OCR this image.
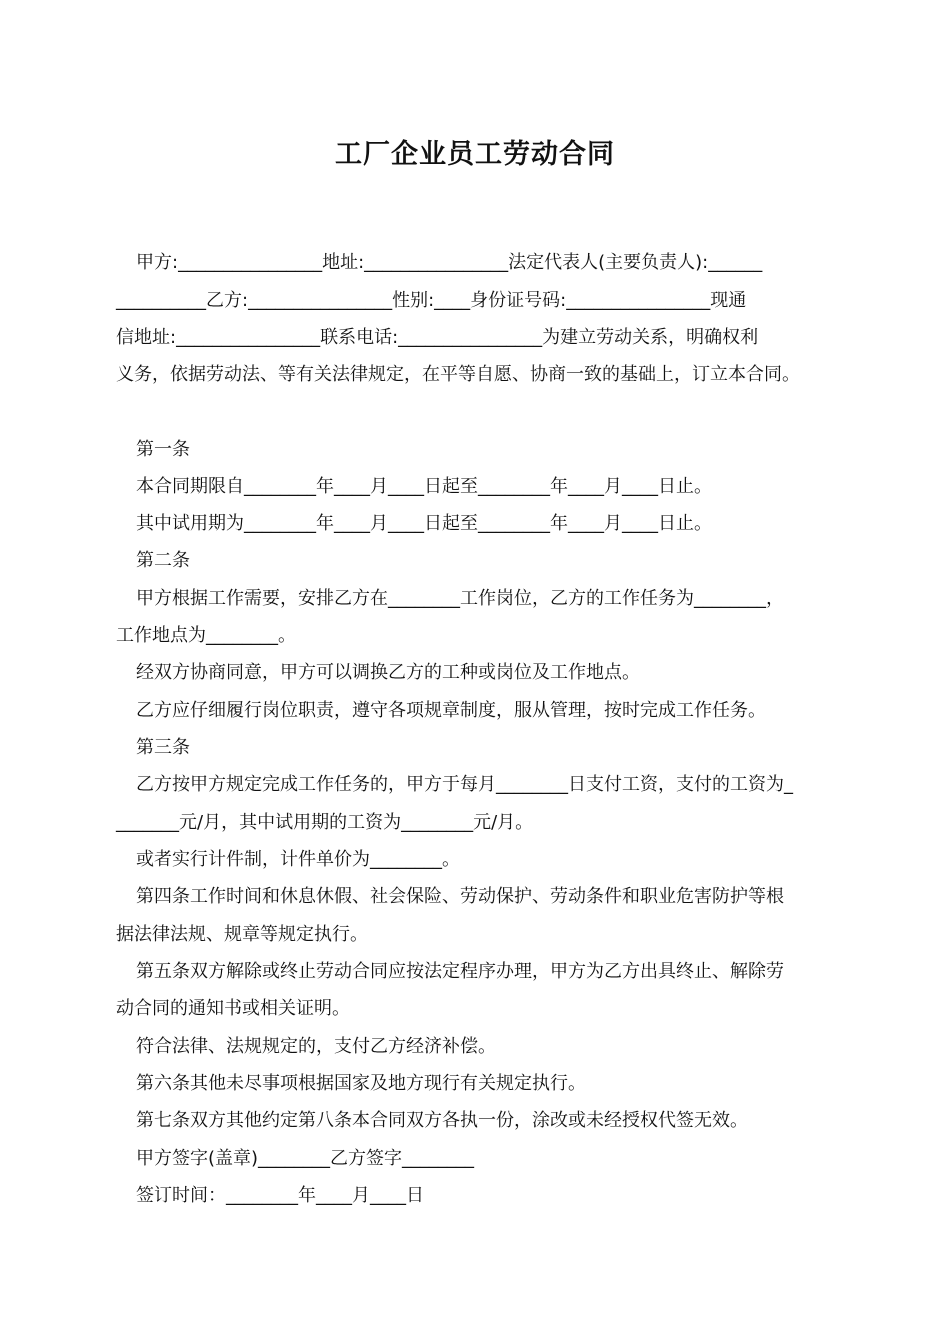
工厂企业员工劳动合同

甲方:________________地址:________________法定代表人(主要负责人):______

__________乙方:________________性别:____身份证号码:________________现通

信地址:________________联系电话:________________为建立劳动关系，明确权利

义务，依据劳动法、等有关法律规定，在平等自愿、协商一致的基础上，订立本合同。

第一条

本合同期限自________年____月____日起至________年____月____日止。

其中试用期为________年____月____日起至________年____月____日止。

第二条

甲方根据工作需要，安排乙方在________工作岗位，乙方的工作任务为________，

工作地点为________。

经双方协商同意，甲方可以调换乙方的工种或岗位及工作地点。

乙方应仔细履行岗位职责，遵守各项规章制度，服从管理，按时完成工作任务。

第三条

乙方按甲方规定完成工作任务的，甲方于每月________日支付工资，支付的工资为_

_______元/月，其中试用期的工资为________元/月。

或者实行计件制，计件单价为________。

第四条工作时间和休息休假、社会保险、劳动保护、劳动条件和职业危害防护等根

据法律法规、规章等规定执行。

第五条双方解除或终止劳动合同应按法定程序办理，甲方为乙方出具终止、解除劳

动合同的通知书或相关证明。

符合法律、法规规定的，支付乙方经济补偿。

第六条其他未尽事项根据国家及地方现行有关规定执行。

第七条双方其他约定第八条本合同双方各执一份，涂改或未经授权代签无效。

甲方签字(盖章)________乙方签字________

签订时间：________年____月____日
